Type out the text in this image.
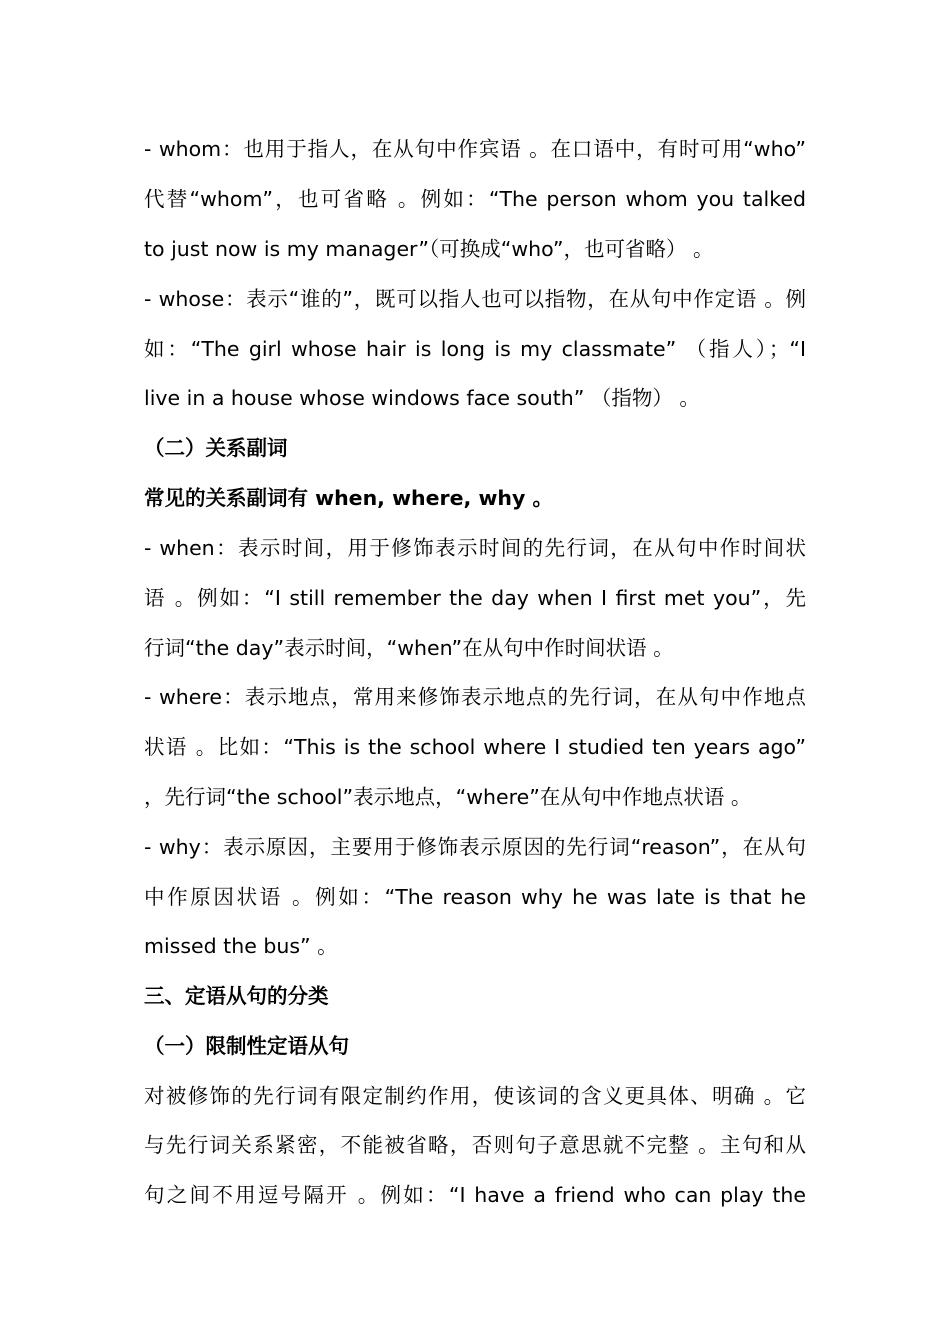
- whom：也用于指人，在从句中作宾语 。在口语中，有时可用“who”
代替“whom”，也可省略 。例如：“The person whom you talked
to just now is my manager”（可换成“who”，也可省略） 。
- whose：表示“谁的”，既可以指人也可以指物，在从句中作定语 。例
如：“The girl whose hair is long is my classmate” （指人）；“I
live in a house whose windows face south” （指物） 。
（二）关系副词
常见的关系副词有 when, where, why 。
- when：表示时间，用于修饰表示时间的先行词，在从句中作时间状
语 。例如：“I still remember the day when I first met you”，先
行词“the day”表示时间，“when”在从句中作时间状语 。
- where：表示地点，常用来修饰表示地点的先行词，在从句中作地点
状语 。比如：“This is the school where I studied ten years ago”
，先行词“the school”表示地点，“where”在从句中作地点状语 。
- why：表示原因，主要用于修饰表示原因的先行词“reason”，在从句
中作原因状语 。例如：“The reason why he was late is that he
missed the bus” 。
三、定语从句的分类
（一）限制性定语从句
对被修饰的先行词有限定制约作用，使该词的含义更具体、明确 。它
与先行词关系紧密，不能被省略，否则句子意思就不完整 。主句和从
句之间不用逗号隔开 。例如：“I have a friend who can play the
